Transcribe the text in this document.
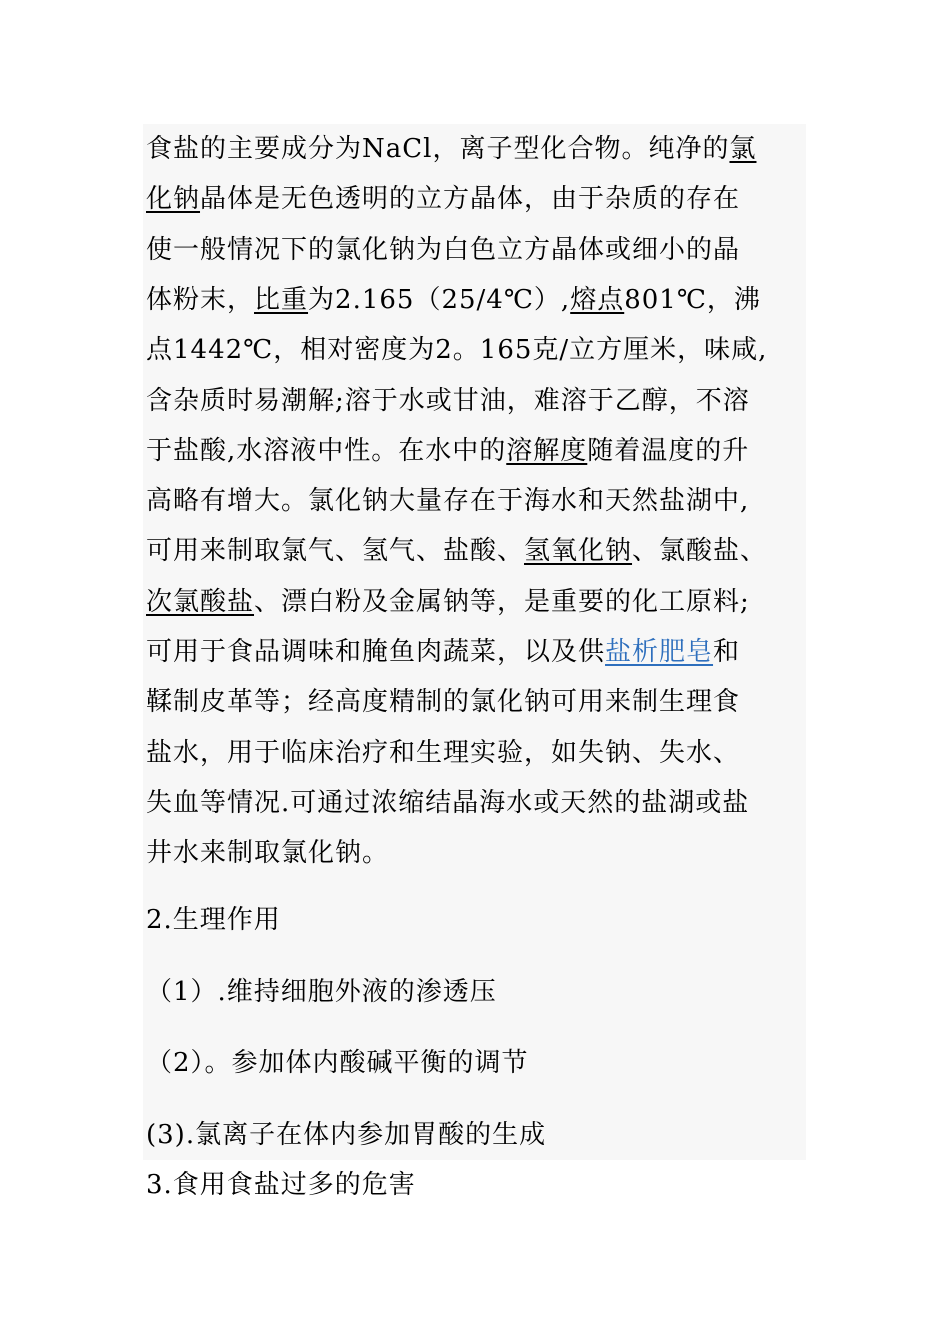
食盐的主要成分为NaCl，离子型化合物。纯净的氯
化钠晶体是无色透明的立方晶体，由于杂质的存在
使一般情况下的氯化钠为白色立方晶体或细小的晶
体粉末，比重为2.165（25/4℃）,熔点801℃，沸
点1442℃，相对密度为2。165克/立方厘米，味咸,
含杂质时易潮解;溶于水或甘油，难溶于乙醇，不溶
于盐酸,水溶液中性。在水中的溶解度随着温度的升
高略有增大。氯化钠大量存在于海水和天然盐湖中,
可用来制取氯气、氢气、盐酸、氢氧化钠、氯酸盐、
次氯酸盐、漂白粉及金属钠等，是重要的化工原料;
可用于食品调味和腌鱼肉蔬菜，以及供盐析肥皂和
鞣制皮革等；经高度精制的氯化钠可用来制生理食
盐水，用于临床治疗和生理实验，如失钠、失水、
失血等情况.可通过浓缩结晶海水或天然的盐湖或盐
井水来制取氯化钠。
2.生理作用
（1）.维持细胞外液的渗透压
（2）。参加体内酸碱平衡的调节
(3).氯离子在体内参加胃酸的生成
3.食用食盐过多的危害
